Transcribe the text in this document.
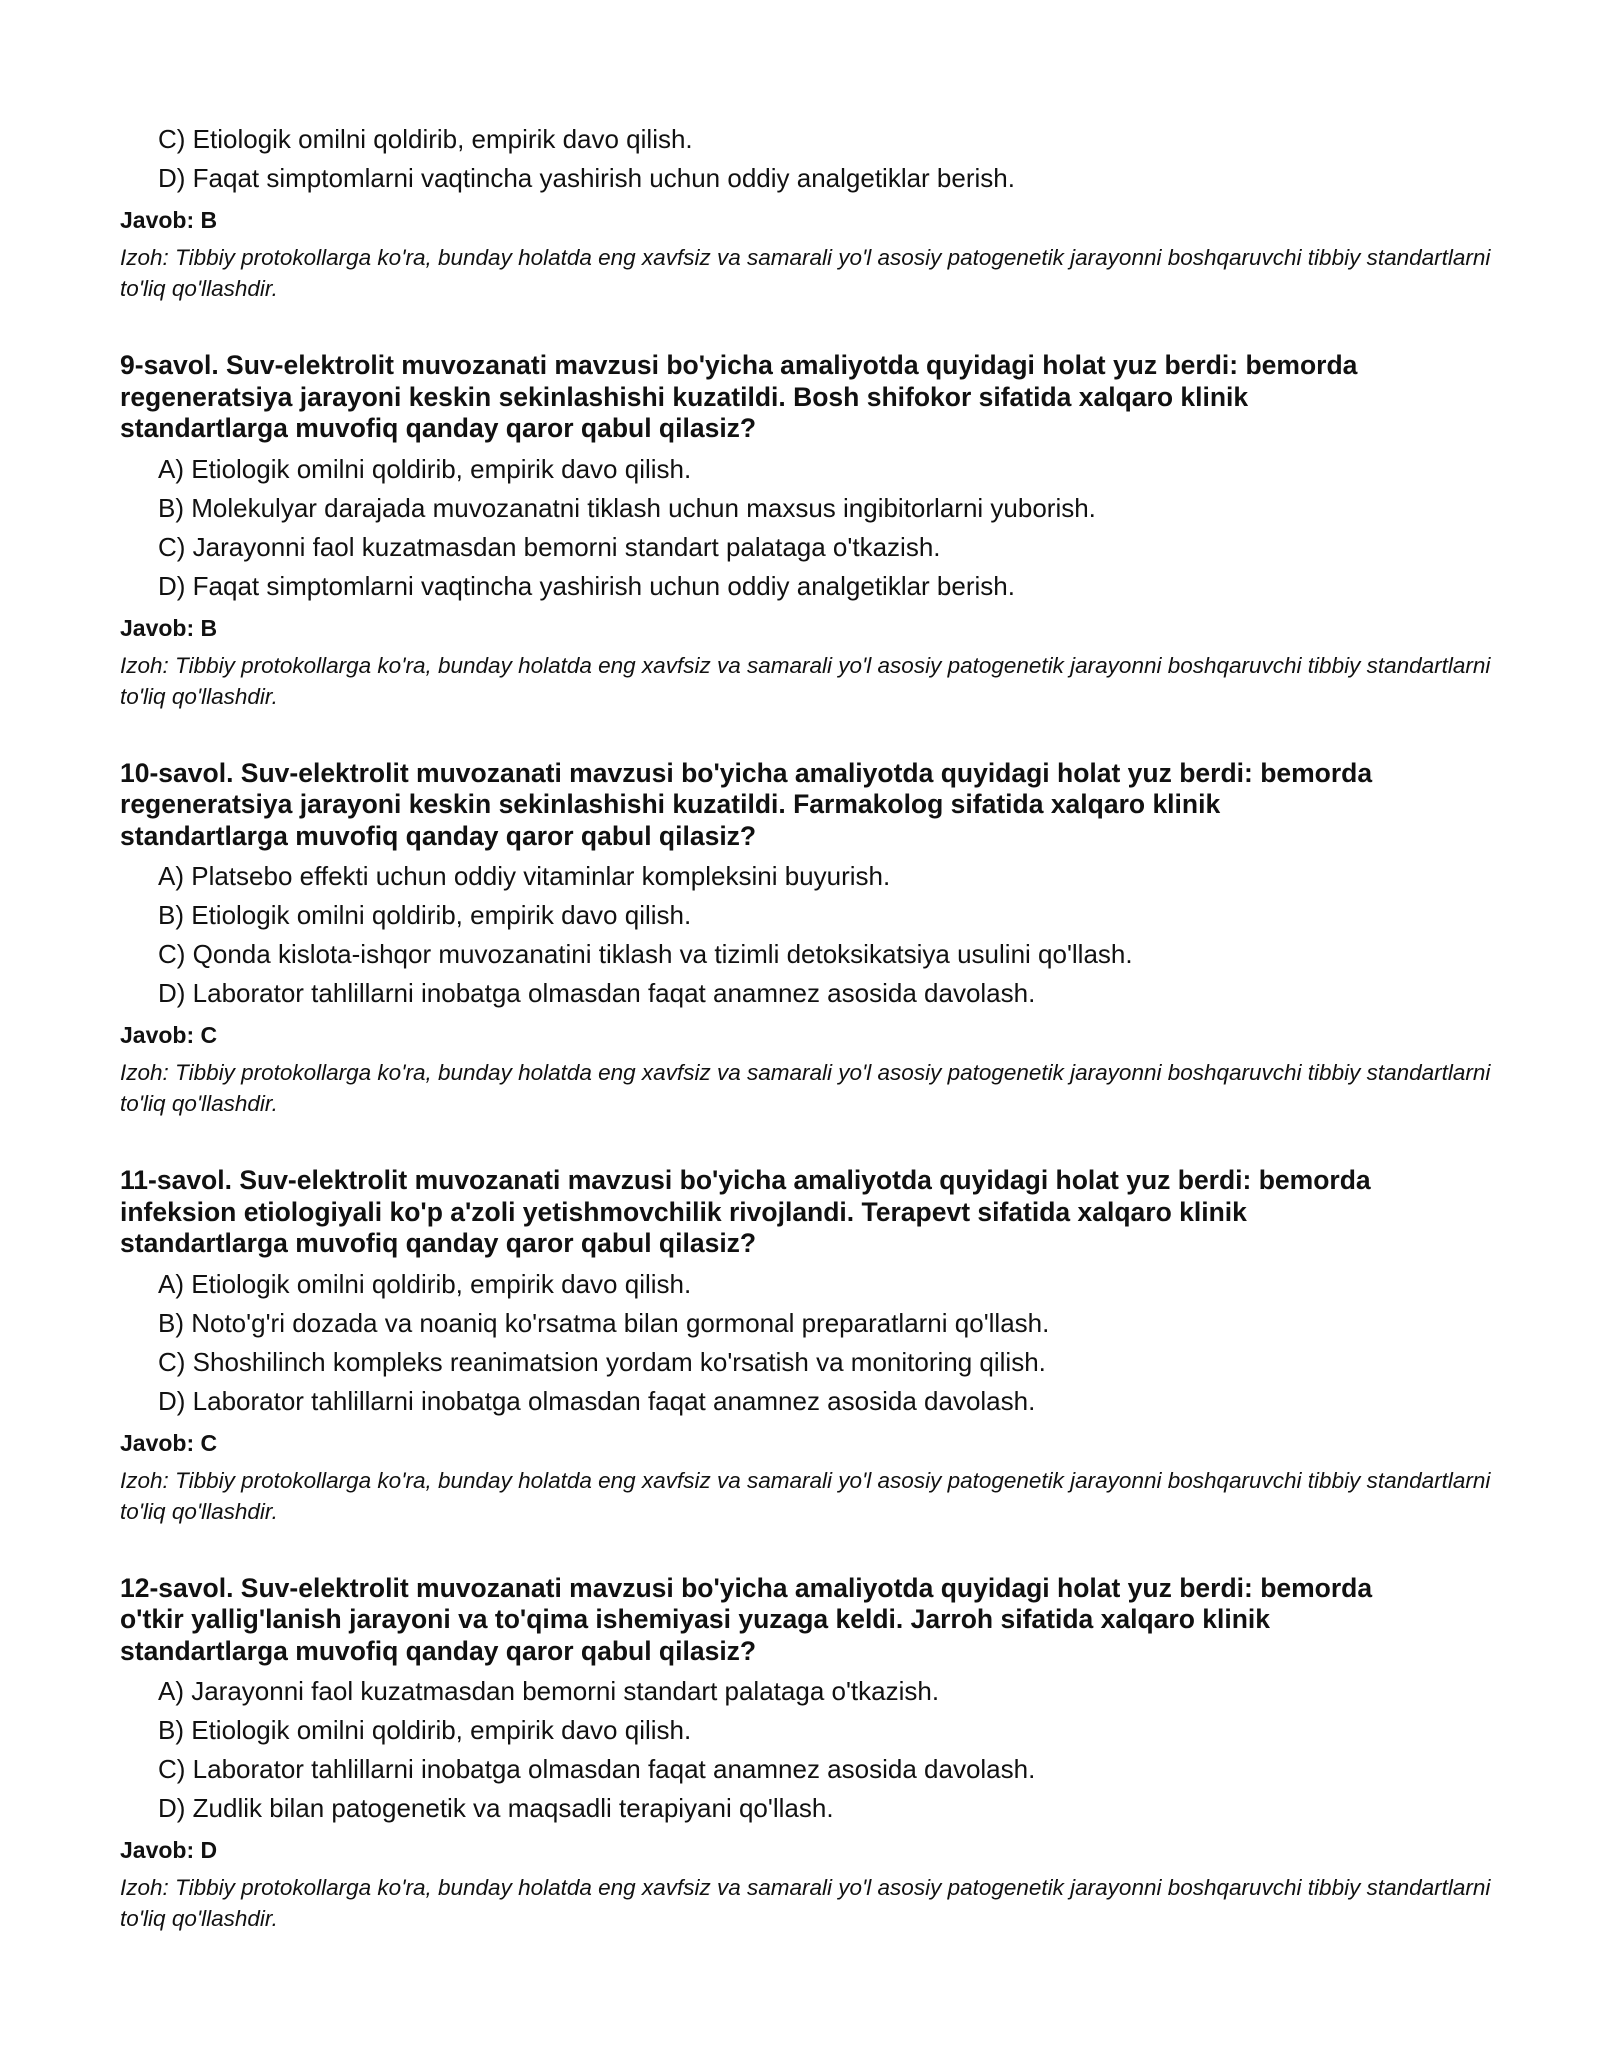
C) Etiologik omilni qoldirib, empirik davo qilish.
D) Faqat simptomlarni vaqtincha yashirish uchun oddiy analgetiklar berish.
Javob: B
Izoh: Tibbiy protokollarga ko'ra, bunday holatda eng xavfsiz va samarali yo'l asosiy patogenetik jarayonni boshqaruvchi tibbiy standartlarni to'liq qo'llashdir.
9-savol. Suv-elektrolit muvozanati mavzusi bo'yicha amaliyotda quyidagi holat yuz berdi: bemorda
regeneratsiya jarayoni keskin sekinlashishi kuzatildi. Bosh shifokor sifatida xalqaro klinik
standartlarga muvofiq qanday qaror qabul qilasiz?
A) Etiologik omilni qoldirib, empirik davo qilish.
B) Molekulyar darajada muvozanatni tiklash uchun maxsus ingibitorlarni yuborish.
C) Jarayonni faol kuzatmasdan bemorni standart palataga o'tkazish.
D) Faqat simptomlarni vaqtincha yashirish uchun oddiy analgetiklar berish.
Javob: B
Izoh: Tibbiy protokollarga ko'ra, bunday holatda eng xavfsiz va samarali yo'l asosiy patogenetik jarayonni boshqaruvchi tibbiy standartlarni to'liq qo'llashdir.
10-savol. Suv-elektrolit muvozanati mavzusi bo'yicha amaliyotda quyidagi holat yuz berdi: bemorda
regeneratsiya jarayoni keskin sekinlashishi kuzatildi. Farmakolog sifatida xalqaro klinik
standartlarga muvofiq qanday qaror qabul qilasiz?
A) Platsebo effekti uchun oddiy vitaminlar kompleksini buyurish.
B) Etiologik omilni qoldirib, empirik davo qilish.
C) Qonda kislota-ishqor muvozanatini tiklash va tizimli detoksikatsiya usulini qo'llash.
D) Laborator tahlillarni inobatga olmasdan faqat anamnez asosida davolash.
Javob: C
Izoh: Tibbiy protokollarga ko'ra, bunday holatda eng xavfsiz va samarali yo'l asosiy patogenetik jarayonni boshqaruvchi tibbiy standartlarni to'liq qo'llashdir.
11-savol. Suv-elektrolit muvozanati mavzusi bo'yicha amaliyotda quyidagi holat yuz berdi: bemorda
infeksion etiologiyali ko'p a'zoli yetishmovchilik rivojlandi. Terapevt sifatida xalqaro klinik
standartlarga muvofiq qanday qaror qabul qilasiz?
A) Etiologik omilni qoldirib, empirik davo qilish.
B) Noto'g'ri dozada va noaniq ko'rsatma bilan gormonal preparatlarni qo'llash.
C) Shoshilinch kompleks reanimatsion yordam ko'rsatish va monitoring qilish.
D) Laborator tahlillarni inobatga olmasdan faqat anamnez asosida davolash.
Javob: C
Izoh: Tibbiy protokollarga ko'ra, bunday holatda eng xavfsiz va samarali yo'l asosiy patogenetik jarayonni boshqaruvchi tibbiy standartlarni to'liq qo'llashdir.
12-savol. Suv-elektrolit muvozanati mavzusi bo'yicha amaliyotda quyidagi holat yuz berdi: bemorda
o'tkir yallig'lanish jarayoni va to'qima ishemiyasi yuzaga keldi. Jarroh sifatida xalqaro klinik
standartlarga muvofiq qanday qaror qabul qilasiz?
A) Jarayonni faol kuzatmasdan bemorni standart palataga o'tkazish.
B) Etiologik omilni qoldirib, empirik davo qilish.
C) Laborator tahlillarni inobatga olmasdan faqat anamnez asosida davolash.
D) Zudlik bilan patogenetik va maqsadli terapiyani qo'llash.
Javob: D
Izoh: Tibbiy protokollarga ko'ra, bunday holatda eng xavfsiz va samarali yo'l asosiy patogenetik jarayonni boshqaruvchi tibbiy standartlarni to'liq qo'llashdir.
